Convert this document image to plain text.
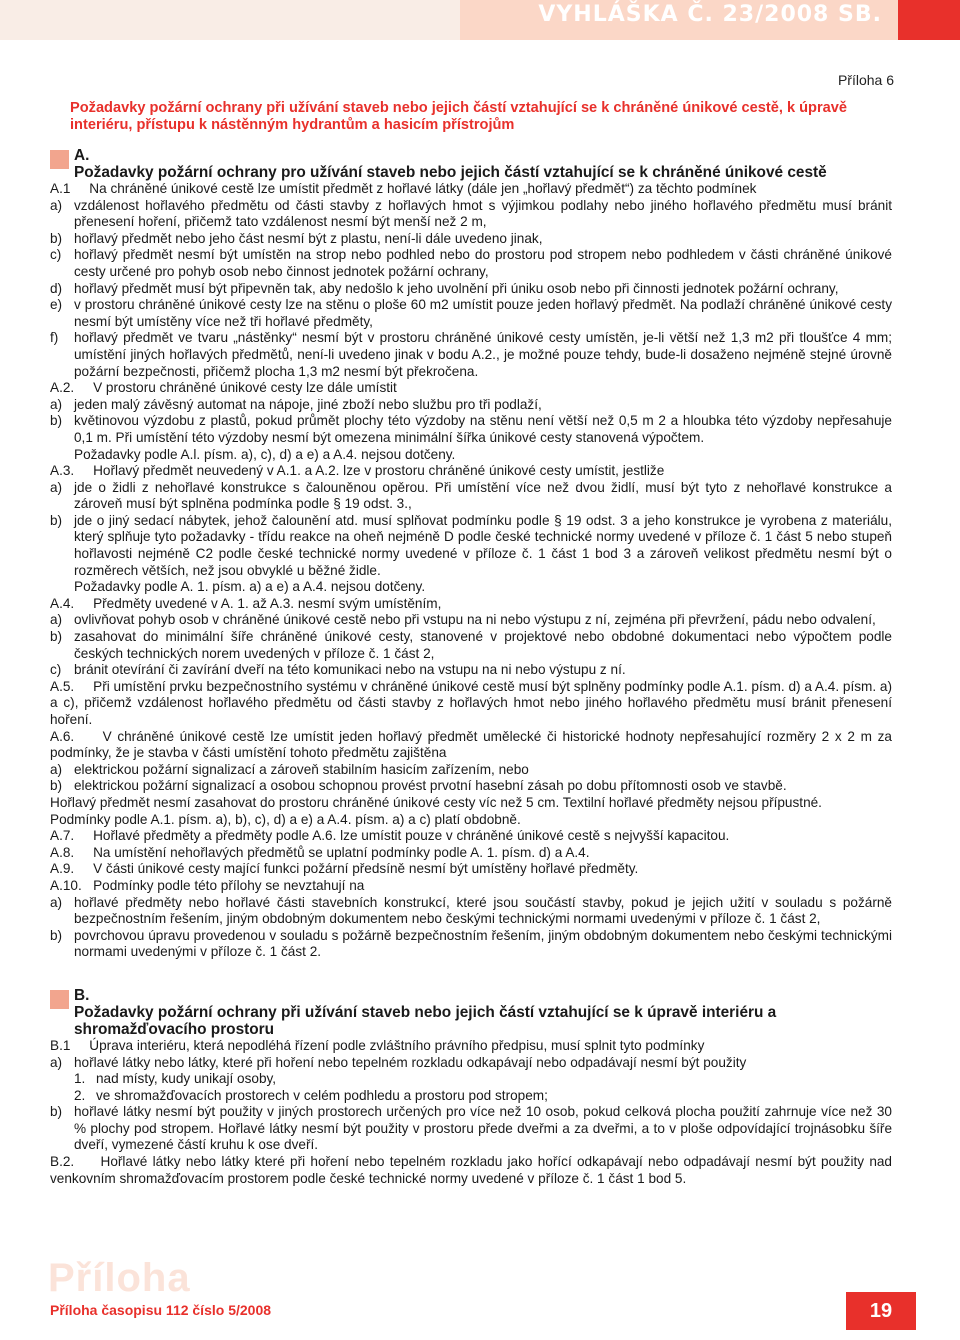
VYHLÁŠKA Č. 23/2008 SB.
Příloha 6
Požadavky požární ochrany při užívání staveb nebo jejich částí vztahující se k chráněné únikové cestě, k úpravě interiéru, přístupu k nástěnným hydrantům a hasicím přístrojům
A.
Požadavky požární ochrany pro užívání staveb nebo jejich částí vztahující se k chráněné únikové cestě
A.1     Na chráněné únikové cestě lze umístit předmět z hořlavé látky (dále jen „hořlavý předmět“) za těchto podmínek
a) vzdálenost hořlavého předmětu od části stavby z hořlavých hmot s výjimkou podlahy nebo jiného hořlavého předmětu musí bránit přenesení hoření, přičemž tato vzdálenost nesmí být menší než 2 m,
b) hořlavý předmět nebo jeho část nesmí být z plastu, není-li dále uvedeno jinak,
c) hořlavý předmět nesmí být umístěn na strop nebo podhled nebo do prostoru pod stropem nebo podhledem v části chráněné únikové cesty určené pro pohyb osob nebo činnost jednotek požární ochrany,
d) hořlavý předmět musí být připevněn tak, aby nedošlo k jeho uvolnění při úniku osob nebo při činnosti jednotek požární ochrany,
e) v prostoru chráněné únikové cesty lze na stěnu o ploše 60 m2 umístit pouze jeden hořlavý předmět. Na podlaží chráněné únikové cesty nesmí být umístěny více než tři hořlavé předměty,
f)	hořlavý předmět ve tvaru „nástěnky“ nesmí být v prostoru chráněné únikové cesty umístěn, je-li větší než 1,3 m2 při tloušťce 4 mm; umístění jiných hořlavých předmětů, není-li uvedeno jinak v bodu A.2., je možné pouze tehdy, bude-li dosaženo nejméně stejné úrovně požární bezpečnosti, přičemž plocha 1,3 m2 nesmí být překročena.
A.2.     V prostoru chráněné únikové cesty lze dále umístit
a) jeden malý závěsný automat na nápoje, jiné zboží nebo službu pro tři podlaží,
b) květinovou výzdobu z plastů, pokud průmět plochy této výzdoby na stěnu není větší než 0,5 m 2 a hloubka této výzdoby nepřesahuje 0,1 m. Při umístění této výzdoby nesmí být omezena minimální šířka únikové cesty stanovená výpočtem.
Požadavky podle A.l. písm. a), c), d) a e) a A.4. nejsou dotčeny.
A.3.     Hořlavý předmět neuvedený v A.1. a A.2. lze v prostoru chráněné únikové cesty umístit, jestliže
a) jde o židli z nehořlavé konstrukce s čalouněnou opěrou. Při umístění více než dvou židlí, musí být tyto z nehořlavé konstrukce a zároveň musí být splněna podmínka podle § 19 odst. 3.,
b) jde o jiný sedací nábytek, jehož čalounění atd. musí splňovat podmínku podle § 19 odst. 3 a jeho konstrukce je vyrobena z materiálu, který splňuje tyto požadavky - třídu reakce na oheň nejméně D podle české technické normy uvedené v příloze č. 1 část 5 nebo stupeň hořlavosti nejméně C2 podle české technické normy uvedené v příloze č. 1 část 1 bod 3 a zároveň velikost předmětu nesmí být o rozměrech větších, než jsou obvyklé u běžné židle.
Požadavky podle A. 1. písm. a) a e) a A.4. nejsou dotčeny.
A.4.     Předměty uvedené v A. 1. až A.3. nesmí svým umístěním,
a) ovlivňovat pohyb osob v chráněné únikové cestě nebo při vstupu na ni nebo výstupu z ní, zejména při převržení, pádu nebo odvalení,
b) zasahovat do minimální šíře chráněné únikové cesty, stanovené v projektové nebo obdobné dokumentaci nebo výpočtem podle českých technických norem uvedených v příloze č. 1 část 2,
c) bránit otevírání či zavírání dveří na této komunikaci nebo na vstupu na ni nebo výstupu z ní.
A.5.     Při umístění prvku bezpečnostního systému v chráněné únikové cestě musí být splněny podmínky podle A.1. písm. d) a A.4. písm. a) a c), přičemž vzdálenost hořlavého předmětu od části stavby z hořlavých hmot nebo jiného hořlavého předmětu musí bránit přenesení hoření.
A.6.     V chráněné únikové cestě lze umístit jeden hořlavý předmět umělecké či historické hodnoty nepřesahující rozměry 2 x 2 m za podmínky, že je stavba v části umístění tohoto předmětu zajištěna
a) elektrickou požární signalizací a zároveň stabilním hasicím zařízením, nebo
b) elektrickou požární signalizací a osobou schopnou provést prvotní hasební zásah po dobu přítomnosti osob ve stavbě.
Hořlavý předmět nesmí zasahovat do prostoru chráněné únikové cesty víc než 5 cm. Textilní hořlavé předměty nejsou přípustné.
Podmínky podle A.1. písm. a), b), c), d) a e) a A.4. písm. a) a c) platí obdobně.
A.7.     Hořlavé předměty a předměty podle A.6. lze umístit pouze v chráněné únikové cestě s nejvyšší kapacitou.
A.8.     Na umístění nehořlavých předmětů se uplatní podmínky podle A. 1. písm. d) a A.4.
A.9.     V části únikové cesty mající funkci požární předsíně nesmí být umístěny hořlavé předměty.
A.10.   Podmínky podle této přílohy se nevztahují na
a) hořlavé předměty nebo hořlavé části stavebních konstrukcí, které jsou součástí stavby, pokud je jejich užití v souladu s požárně bezpečnostním řešením, jiným obdobným dokumentem nebo českými technickými normami uvedenými v příloze č. 1 část 2,
b) povrchovou úpravu provedenou v souladu s požárně bezpečnostním řešením, jiným obdobným dokumentem nebo českými technickými normami uvedenými v příloze č. 1 část 2.
B.
Požadavky požární ochrany při užívání staveb nebo jejich částí vztahující se k úpravě interiéru a shromažďovacího prostoru
B.1     Úprava interiéru, která nepodléhá řízení podle zvláštního právního předpisu, musí splnit tyto podmínky
a) hořlavé látky nebo látky, které při hoření nebo tepelném rozkladu odkapávají nebo odpadávají nesmí být použity
1. nad místy, kudy unikají osoby,
2. ve shromažďovacích prostorech v celém podhledu a prostoru pod stropem;
b) hořlavé látky nesmí být použity v jiných prostorech určených pro více než 10 osob, pokud celková plocha použití zahrnuje více než 30 % plochy pod stropem. Hořlavé látky nesmí být použity v prostoru přede dveřmi a za dveřmi, a to v ploše odpovídající trojnásobku šíře dveří, vymezené částí kruhu k ose dveří.
B.2.     Hořlavé látky nebo látky které při hoření nebo tepelném rozkladu jako hořící odkapávají nebo odpadávají nesmí být použity nad venkovním shromažďovacím prostorem podle české technické normy uvedené v příloze č. 1 část 1 bod 5.
Příloha
Příloha časopisu 112 číslo 5/2008	19
